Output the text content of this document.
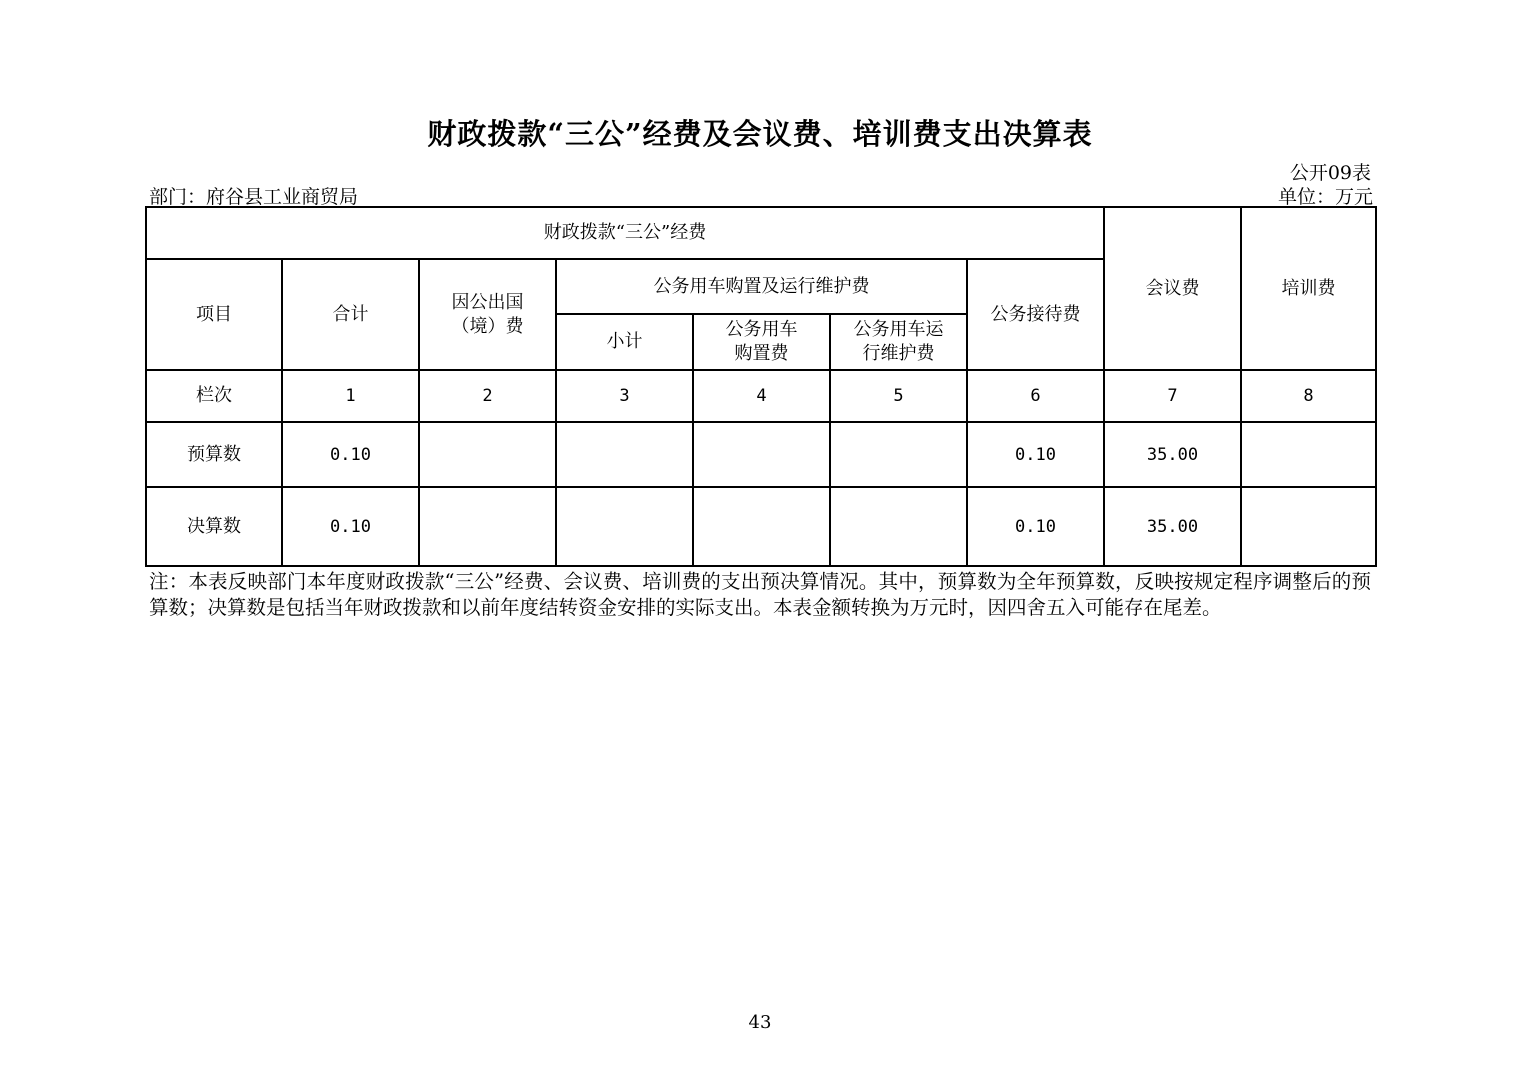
财政拨款“三公”经费及会议费、培训费支出决算表
公开09表
部门：府谷县工业商贸局	单位：万元
财政拨款“三公”经费							会议费	培训费
项目	合计	因公出国（境）费	公务用车购置及运行维护费			公务接待费		
			小计	公务用车购置费	公务用车运行维护费			

栏次	1	2	3	4	5	6	7	8
预算数	0.10					0.10	35.00	
决算数	0.10					0.10	35.00	
注：本表反映部门本年度财政拨款“三公”经费、会议费、培训费的支出预决算情况。其中，预算数为全年预算数，反映按规定程序调整后的预算数；决算数是包括当年财政拨款和以前年度结转资金安排的实际支出。本表金额转换为万元时，因四舍五入可能存在尾差。
43
